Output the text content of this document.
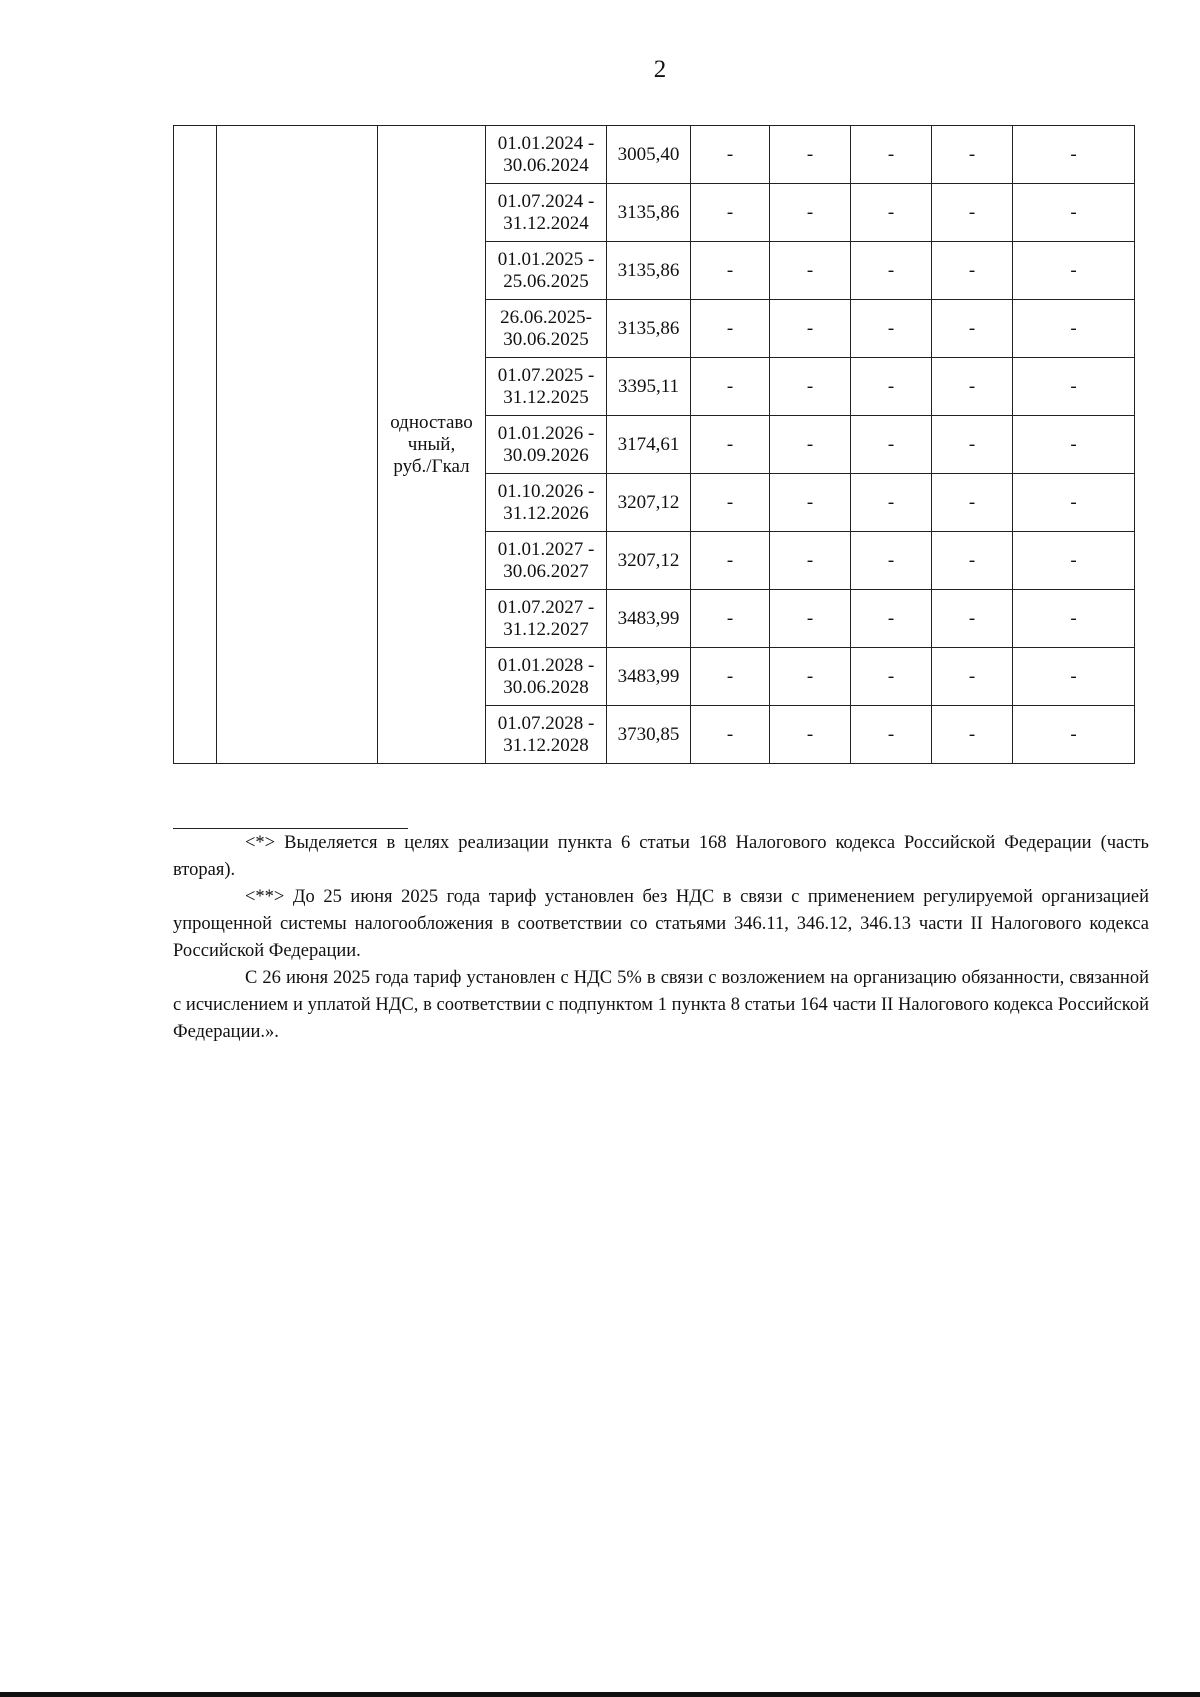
2
		одноставо
чный,
руб./Гкал	01.01.2024 -
30.06.2024	3005,40	-	-	-	-	-
			01.07.2024 -
31.12.2024	3135,86	-	-	-	-	-
			01.01.2025 -
25.06.2025	3135,86	-	-	-	-	-
			26.06.2025-
30.06.2025	3135,86	-	-	-	-	-
			01.07.2025 -
31.12.2025	3395,11	-	-	-	-	-
			01.01.2026 -
30.09.2026	3174,61	-	-	-	-	-
			01.10.2026 -
31.12.2026	3207,12	-	-	-	-	-
			01.01.2027 -
30.06.2027	3207,12	-	-	-	-	-
			01.07.2027 -
31.12.2027	3483,99	-	-	-	-	-
			01.01.2028 -
30.06.2028	3483,99	-	-	-	-	-
			01.07.2028 -
31.12.2028	3730,85	-	-	-	-	-

<*> Выделяется в целях реализации пункта 6 статьи 168 Налогового кодекса Российской Федерации (часть вторая).

<**> До 25 июня 2025 года тариф установлен без НДС в связи с применением регулируемой организацией упрощенной системы налогообложения в соответствии со статьями 346.11, 346.12, 346.13 части II Налогового кодекса Российской Федерации.

С 26 июня 2025 года тариф установлен с НДС 5% в связи с возложением на организацию обязанности, связанной с исчислением и уплатой НДС, в соответствии с подпунктом 1 пункта 8 статьи 164 части II Налогового кодекса Российской Федерации.».
